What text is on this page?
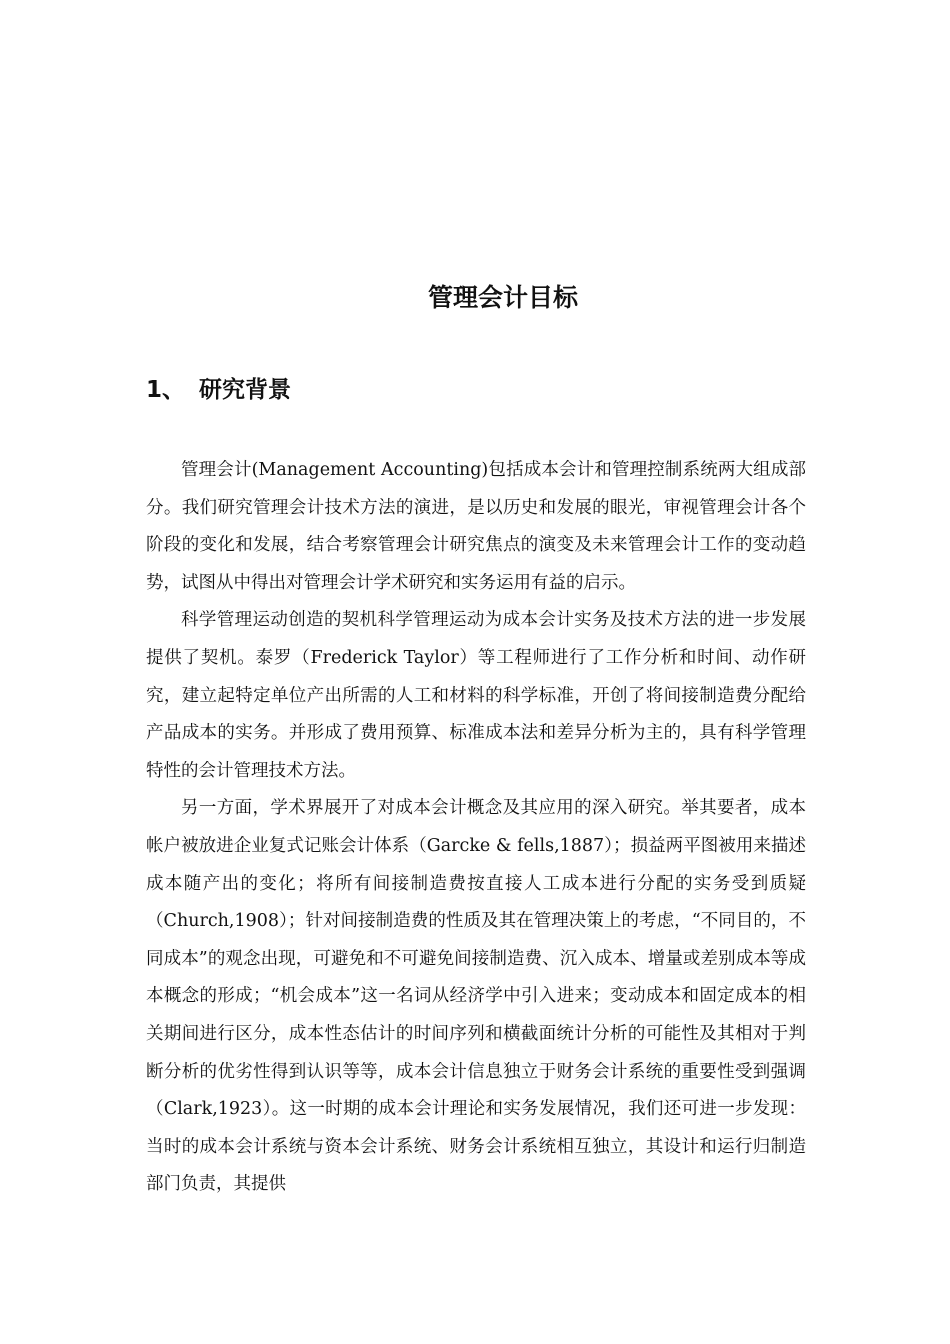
管理会计目标
1、 研究背景

管理会计(Management Accounting)包括成本会计和管理控制系统两大组成部分。我们研究管理会计技术方法的演进，是以历史和发展的眼光，审视管理会计各个阶段的变化和发展，结合考察管理会计研究焦点的演变及未来管理会计工作的变动趋势，试图从中得出对管理会计学术研究和实务运用有益的启示。

科学管理运动创造的契机科学管理运动为成本会计实务及技术方法的进一步发展提供了契机。泰罗（Frederick Taylor）等工程师进行了工作分析和时间、动作研究，建立起特定单位产出所需的人工和材料的科学标准，开创了将间接制造费分配给产品成本的实务。并形成了费用预算、标准成本法和差异分析为主的，具有科学管理特性的会计管理技术方法。

另一方面，学术界展开了对成本会计概念及其应用的深入研究。举其要者，成本帐户被放进企业复式记账会计体系（Garcke & fells,1887）；损益两平图被用来描述成本随产出的变化；将所有间接制造费按直接人工成本进行分配的实务受到质疑（Church,1908）；针对间接制造费的性质及其在管理决策上的考虑，“不同目的，不同成本”的观念出现，可避免和不可避免间接制造费、沉入成本、增量或差别成本等成本概念的形成；“机会成本”这一名词从经济学中引入进来；变动成本和固定成本的相关期间进行区分，成本性态估计的时间序列和横截面统计分析的可能性及其相对于判断分析的优劣性得到认识等等，成本会计信息独立于财务会计系统的重要性受到强调（Clark,1923）。这一时期的成本会计理论和实务发展情况，我们还可进一步发现：当时的成本会计系统与资本会计系统、财务会计系统相互独立，其设计和运行归制造部门负责，其提供
